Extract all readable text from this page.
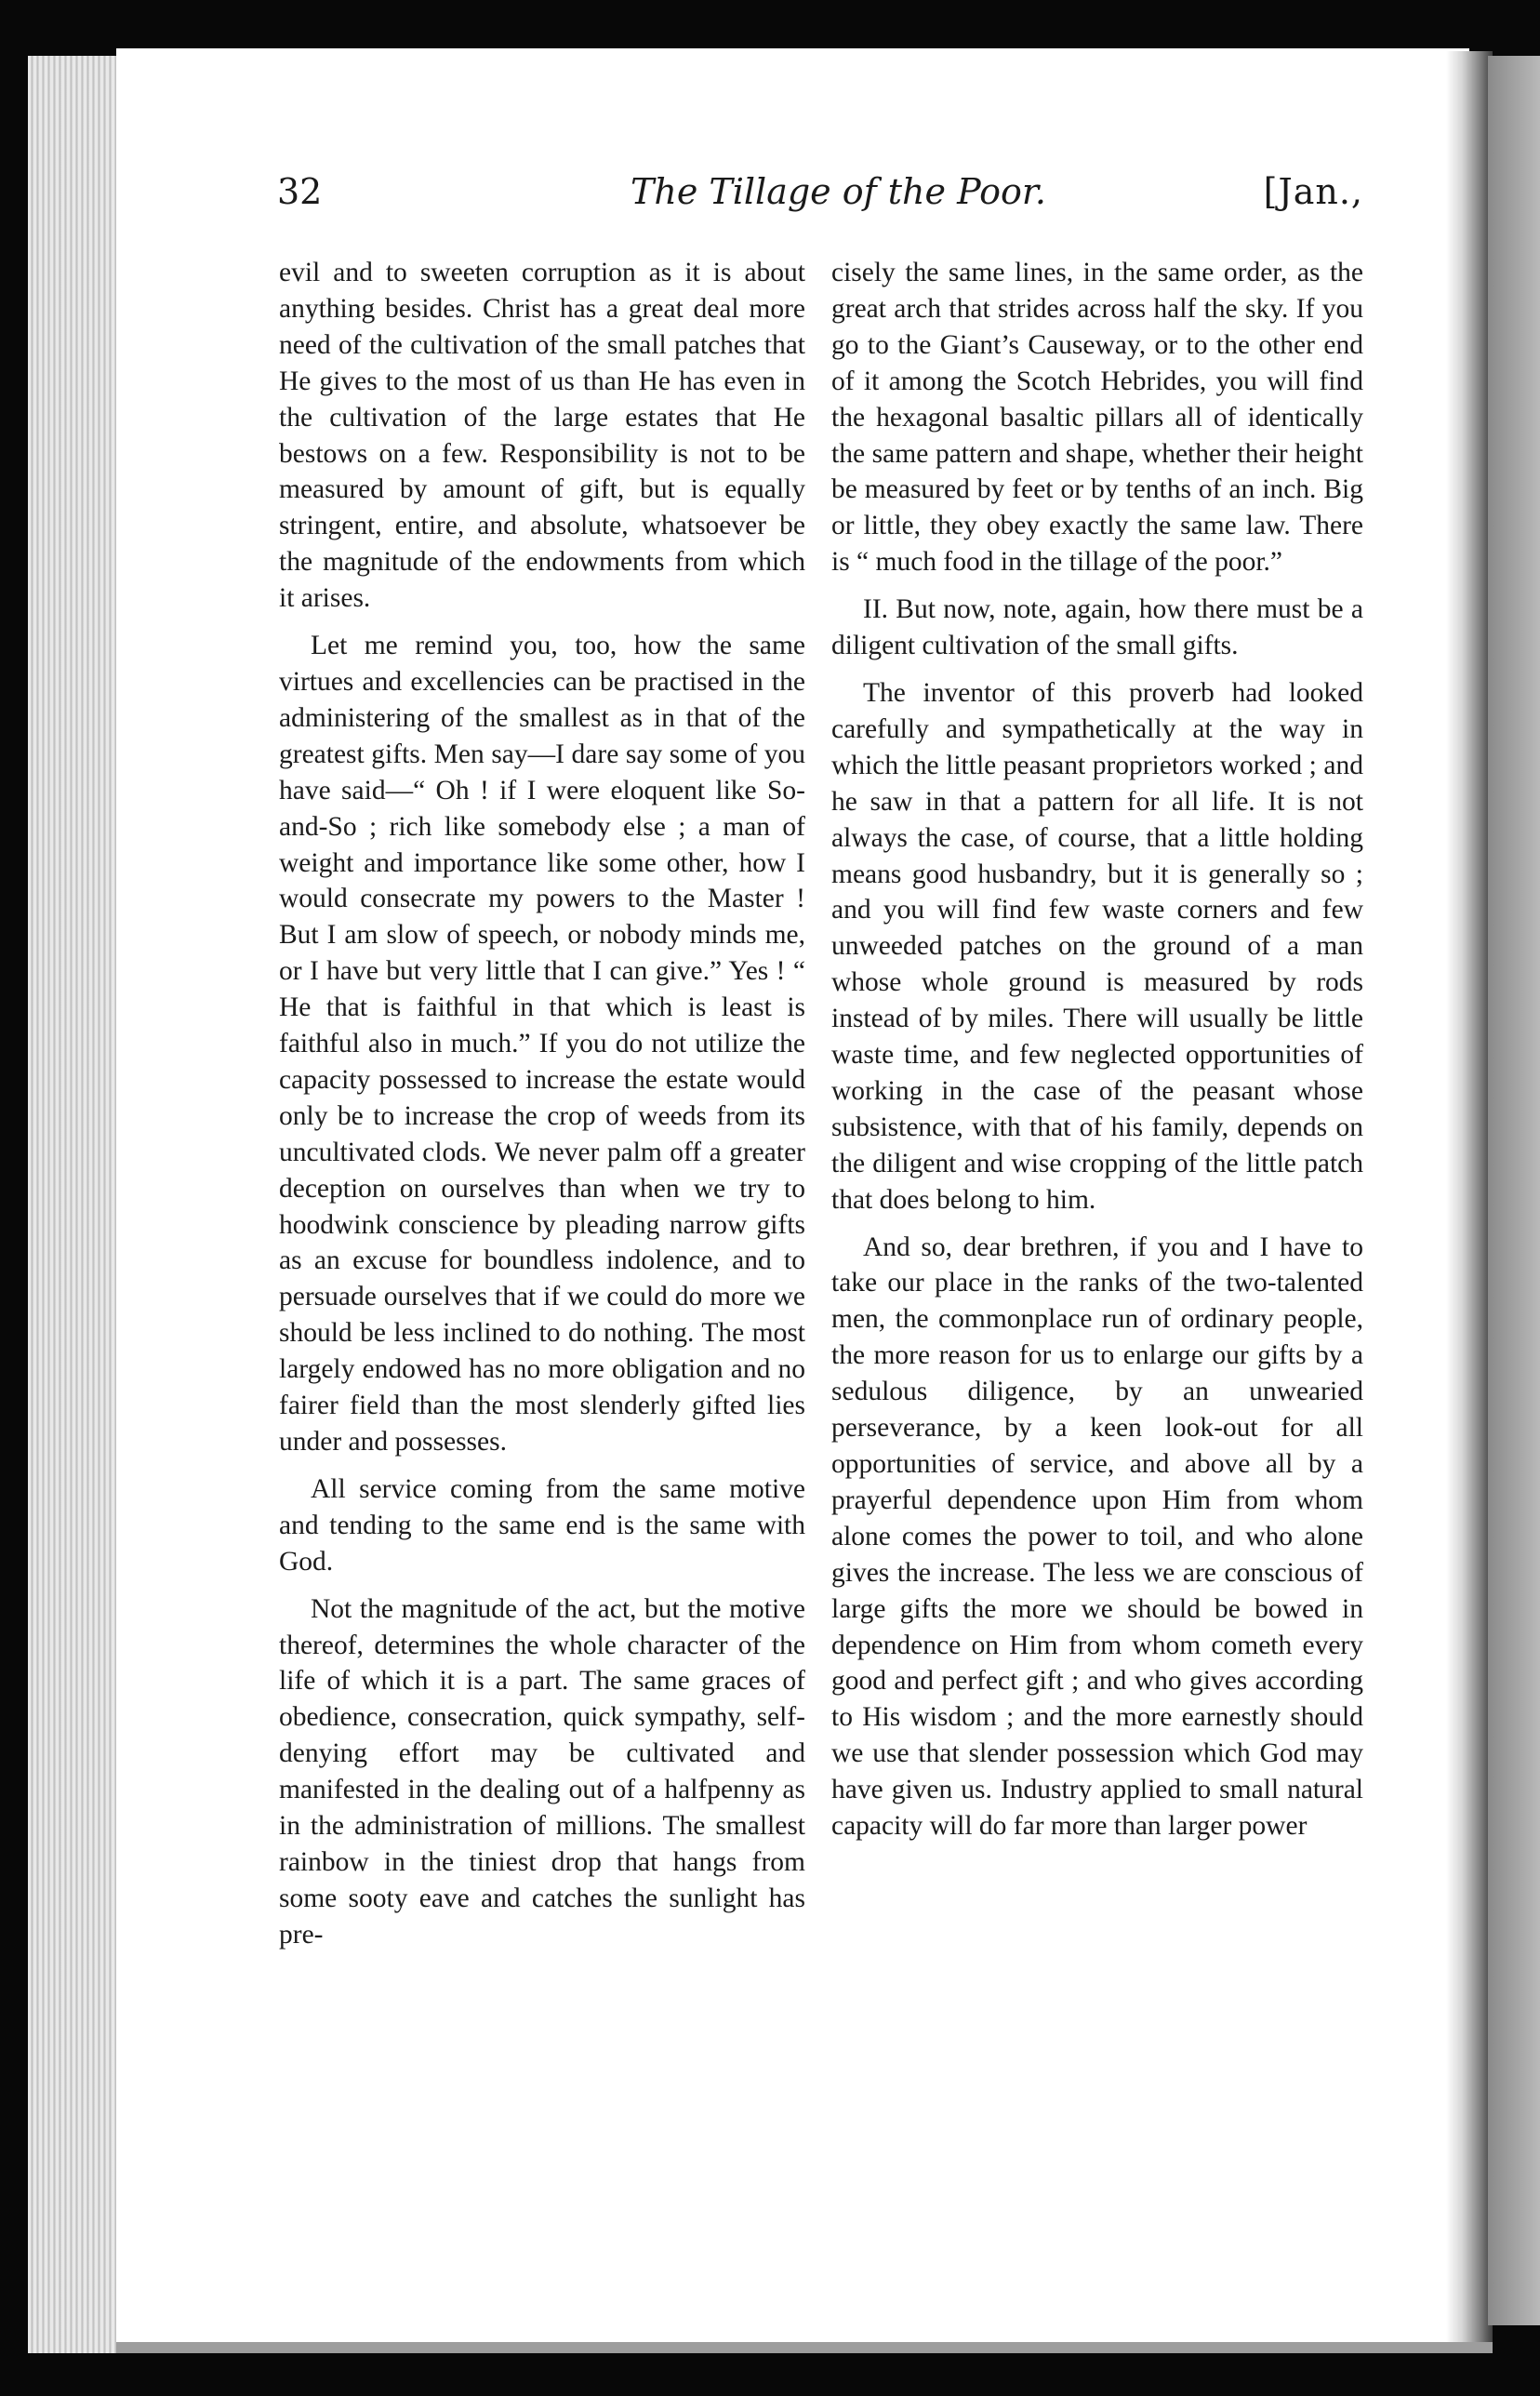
32	The Tillage of the Poor.	[Jan.,

evil and to sweeten corruption as it is about anything besides. Christ has a great deal more need of the cultivation of the small patches that He gives to the most of us than He has even in the cultivation of the large estates that He bestows on a few. Responsibility is not to be measured by amount of gift, but is equally stringent, entire, and absolute, whatsoever be the magnitude of the endowments from which it arises.

Let me remind you, too, how the same virtues and excellencies can be practised in the administering of the smallest as in that of the greatest gifts. Men say—I dare say some of you have said—“ Oh ! if I were eloquent like So-and-So ; rich like somebody else ; a man of weight and importance like some other, how I would consecrate my powers to the Master ! But I am slow of speech, or nobody minds me, or I have but very little that I can give.” Yes ! “ He that is faithful in that which is least is faithful also in much.” If you do not utilize the capacity possessed to increase the estate would only be to increase the crop of weeds from its uncultivated clods. We never palm off a greater deception on ourselves than when we try to hoodwink conscience by pleading narrow gifts as an excuse for boundless indolence, and to persuade ourselves that if we could do more we should be less inclined to do nothing. The most largely endowed has no more obligation and no fairer field than the most slenderly gifted lies under and possesses.

All service coming from the same motive and tending to the same end is the same with God.

Not the magnitude of the act, but the motive thereof, determines the whole character of the life of which it is a part. The same graces of obedience, consecration, quick sympathy, self-denying effort may be cultivated and manifested in the dealing out of a halfpenny as in the administration of millions. The smallest rainbow in the tiniest drop that hangs from some sooty eave and catches the sunlight has pre-

cisely the same lines, in the same order, as the great arch that strides across half the sky. If you go to the Giant’s Causeway, or to the other end of it among the Scotch Hebrides, you will find the hexagonal basaltic pillars all of identically the same pattern and shape, whether their height be measured by feet or by tenths of an inch. Big or little, they obey exactly the same law. There is “ much food in the tillage of the poor.”

II. But now, note, again, how there must be a diligent cultivation of the small gifts.

The inventor of this proverb had looked carefully and sympathetically at the way in which the little peasant proprietors worked ; and he saw in that a pattern for all life. It is not always the case, of course, that a little holding means good husbandry, but it is generally so ; and you will find few waste corners and few unweeded patches on the ground of a man whose whole ground is measured by rods instead of by miles. There will usually be little waste time, and few neglected opportunities of working in the case of the peasant whose subsistence, with that of his family, depends on the diligent and wise cropping of the little patch that does belong to him.

And so, dear brethren, if you and I have to take our place in the ranks of the two-talented men, the commonplace run of ordinary people, the more reason for us to enlarge our gifts by a sedulous diligence, by an unwearied perseverance, by a keen look-out for all opportunities of service, and above all by a prayerful dependence upon Him from whom alone comes the power to toil, and who alone gives the increase. The less we are conscious of large gifts the more we should be bowed in dependence on Him from whom cometh every good and perfect gift ; and who gives according to His wisdom ; and the more earnestly should we use that slender possession which God may have given us. Industry applied to small natural capacity will do far more than larger power
